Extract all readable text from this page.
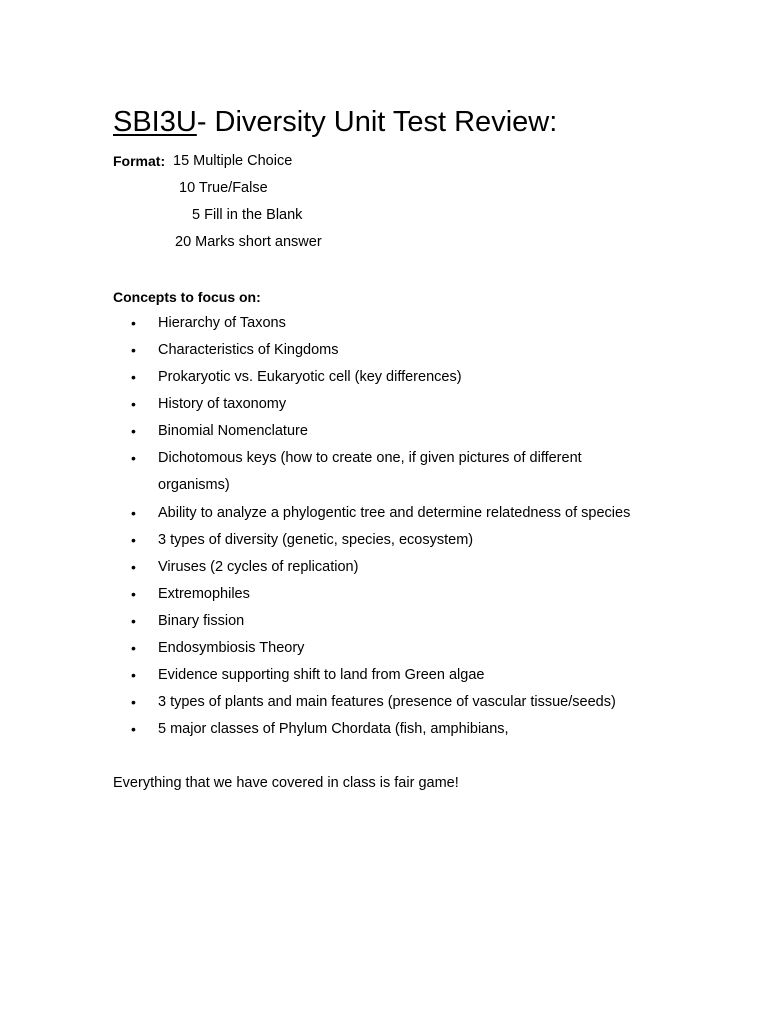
SBI3U- Diversity Unit Test Review:
Format: 15 Multiple Choice
10 True/False
5 Fill in the Blank
20 Marks short answer
Concepts to focus on:
• Hierarchy of Taxons
• Characteristics of Kingdoms
• Prokaryotic vs. Eukaryotic cell (key differences)
• History of taxonomy
• Binomial Nomenclature
• Dichotomous keys (how to create one, if given pictures of different organisms)
• Ability to analyze a phylogentic tree and determine relatedness of species
• 3 types of diversity (genetic, species, ecosystem)
• Viruses (2 cycles of replication)
• Extremophiles
• Binary fission
• Endosymbiosis Theory
• Evidence supporting shift to land from Green algae
• 3 types of plants and main features (presence of vascular tissue/seeds)
• 5 major classes of Phylum Chordata (fish, amphibians,
Everything that we have covered in class is fair game!
